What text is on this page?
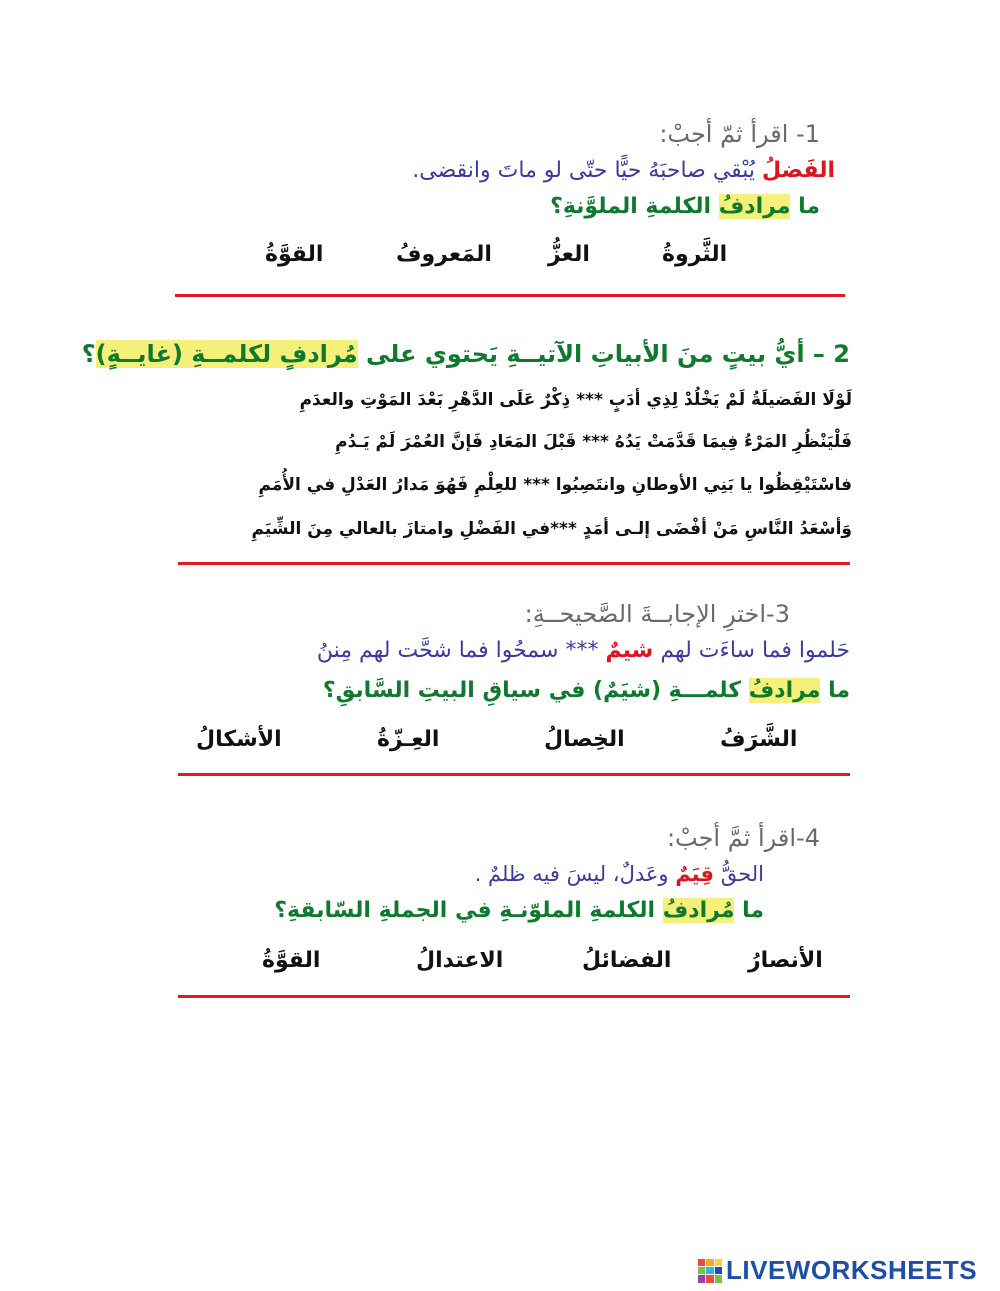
1- اقرأ ثمّ أجبْ:
الفَضلُ يُبْقي صاحبَهُ حيًّا حتّى لو ماتَ وانقضى.
ما مرادفُ الكلمةِ الملوَّنةِ؟
الثَّروةُ
العزُّ
المَعروفُ
القوَّةُ
2 – أيُّ بيتٍ منَ الأبياتِ الآتيــةِ يَحتوي على مُرادفٍ لكلمــةِ (غايــةٍ)؟
لَوْلَا الفَضيلَةُ لَمْ يَخْلُدْ لِذِي أدَبٍ *** ذِكْرٌ عَلَى الدَّهْرِ بَعْدَ المَوْتِ والعدَمِ
فَلْيَنْظُرِ المَرْءُ فِيمَا قَدَّمَتْ يَدُهُ *** قَبْلَ المَعَادِ فَإنَّ العُمْرَ لَمْ يَـدُمِ
فاسْتَيْقِظُوا يا بَنِي الأوطانِ وانتَصِبُوا *** للعِلْمِ فَهُوَ مَدارُ العَدْلِ في الأُمَمِ
وَأسْعَدُ النَّاسِ مَنْ أفْضَى إلـى أمَدٍ ***في الفَضْلِ وامتازَ بالعالي مِنَ الشِّيَمِ
3-اخترِ الإجابــةَ الصَّحيحــةِ:
حَلموا فما ساءَت لهم شيمٌ *** سمحُوا فما شحَّت لهم مِننُ
ما مرادفُ كلمـــةِ (شيَمٌ) في سياقِ البيتِ السَّابقِ؟
الشَّرَفُ
الخِصالُ
العِـزّةُ
الأشكالُ
4-اقرأ ثمَّ أجبْ:
الحقُّ قِيَمٌ وعَدلٌ، ليسَ فيه ظلمٌ .
ما مُرادفُ الكلمةِ الملوّنـةِ في الجملةِ السّابقةِ؟
الأنصارُ
الفضائلُ
الاعتدالُ
القوَّةُ
LIVEWORKSHEETS
